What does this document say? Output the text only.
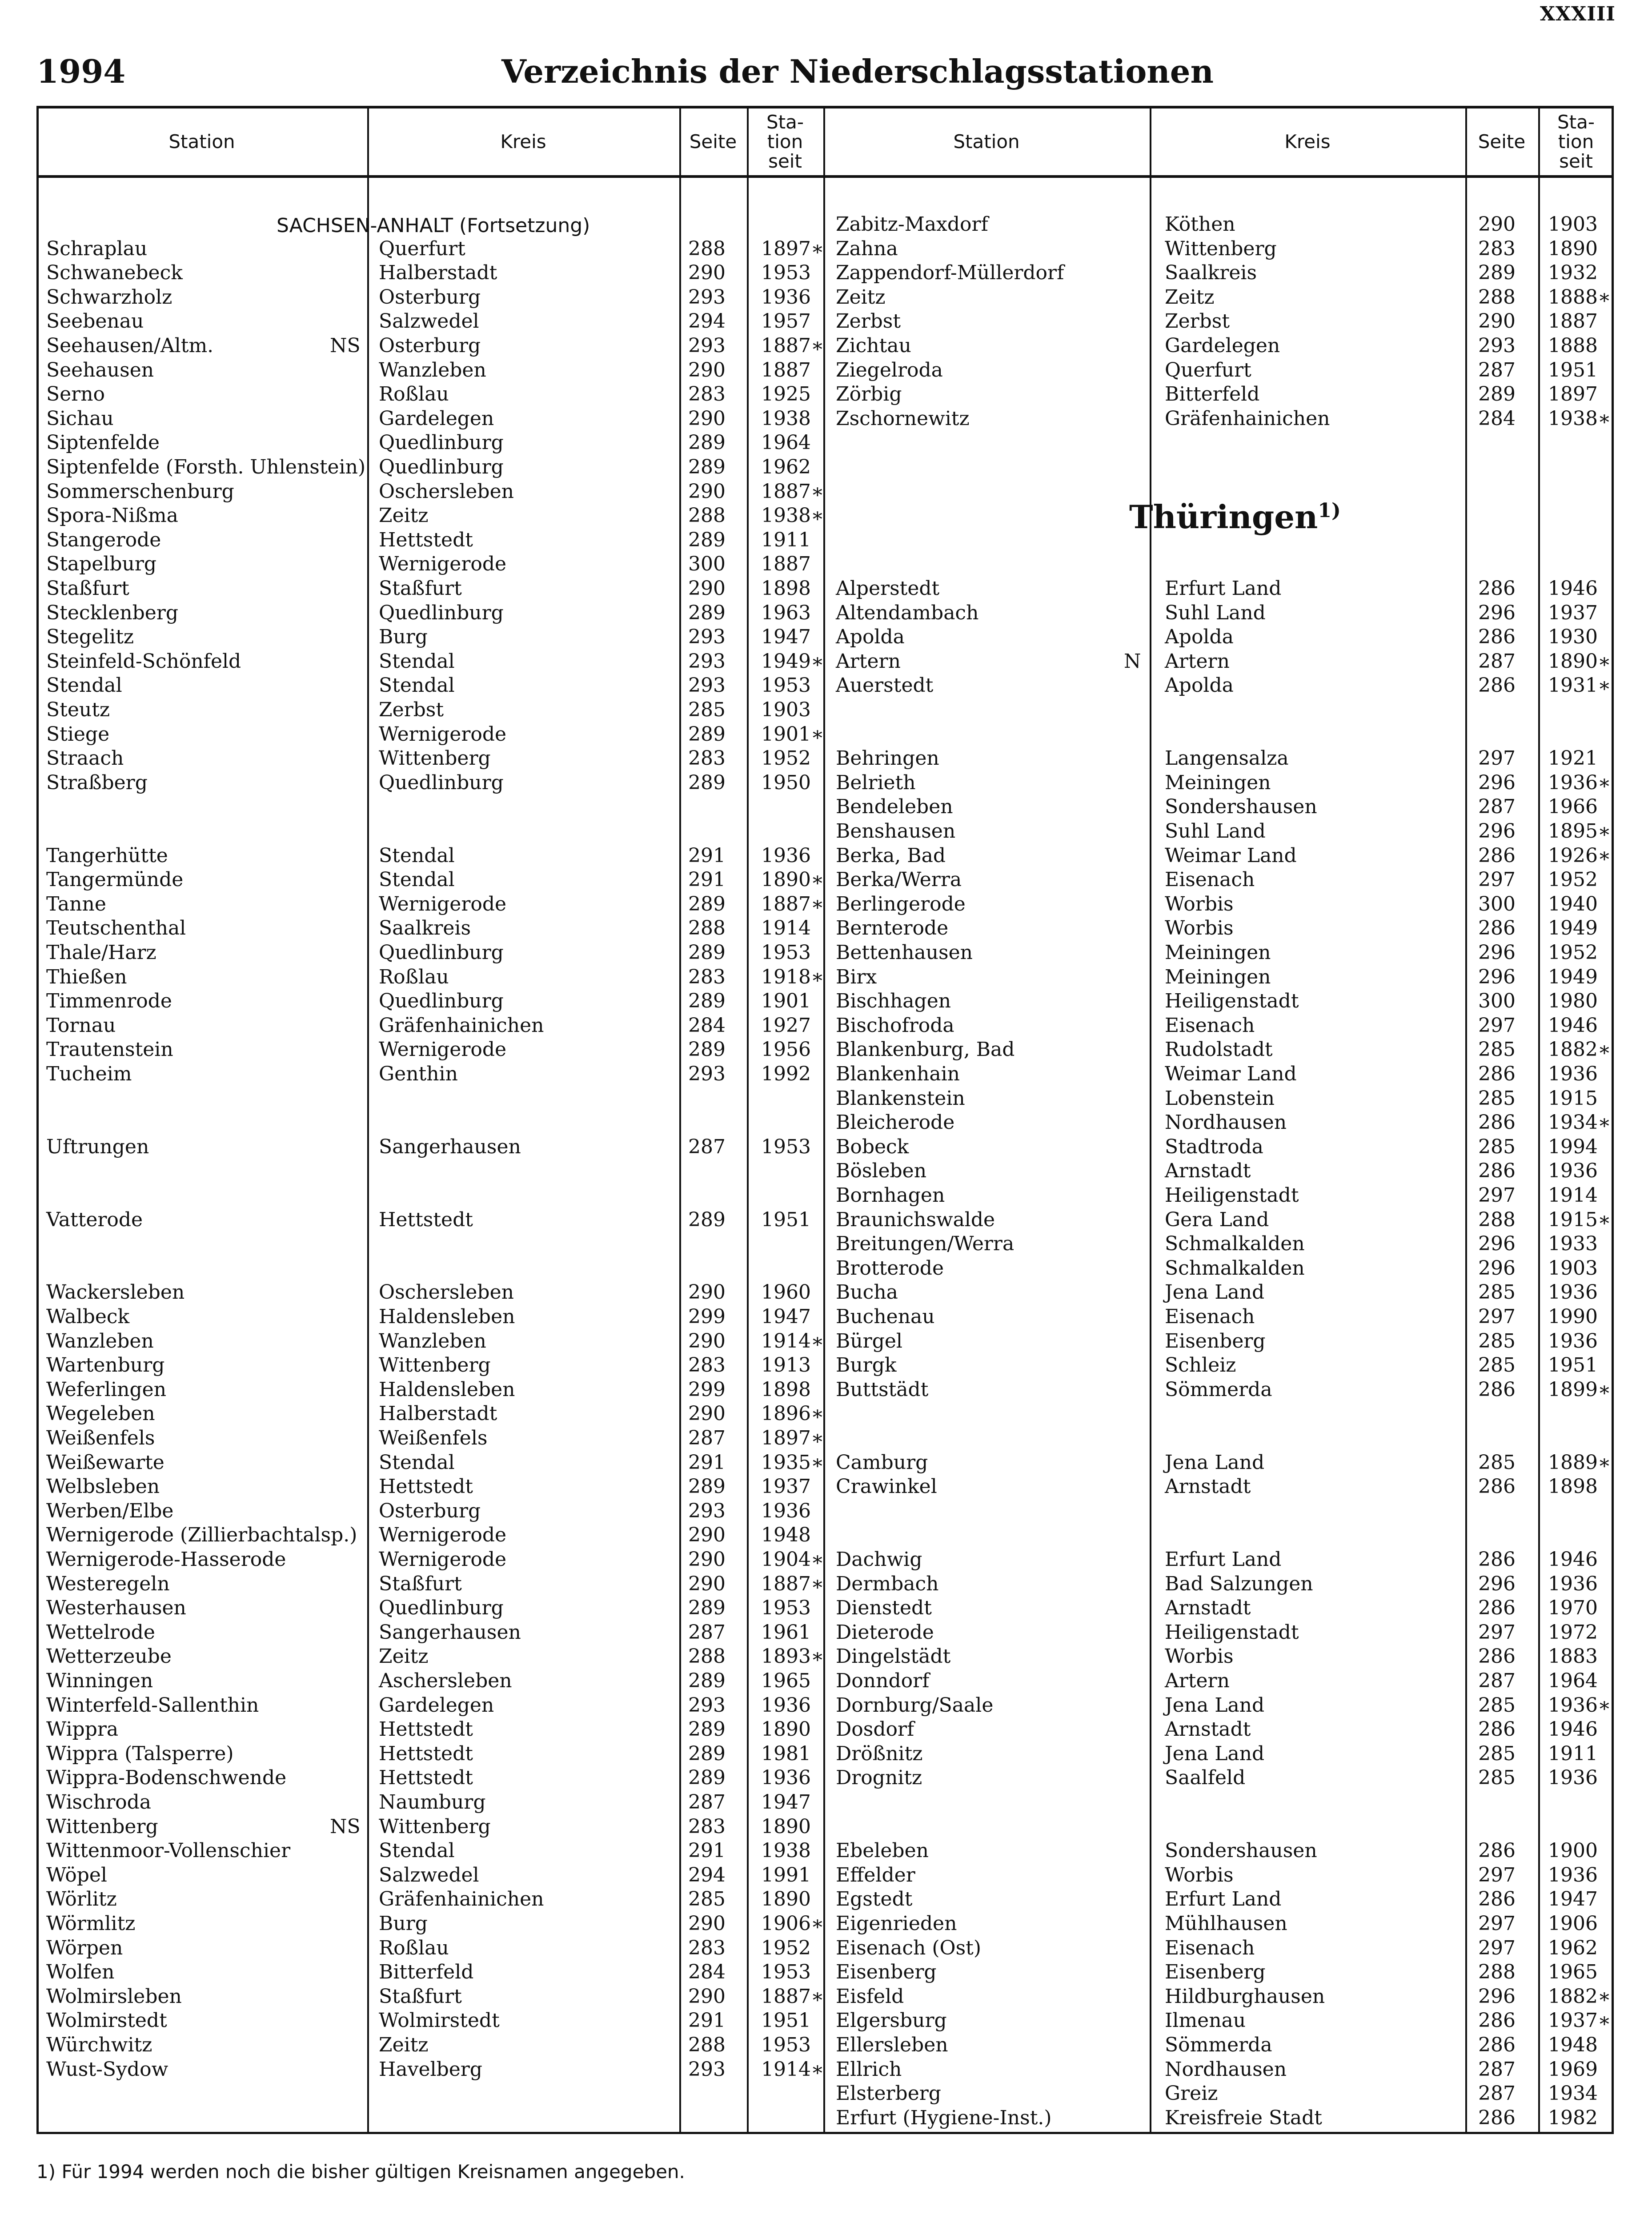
XXXIII
1994	Verzeichnis der Niederschlagsstationen
Station	Kreis	Seite
Sta-
tion
seit
Station	Kreis	Seite
Sta-
tion
seit
SACHSEN-ANHALT (Fortsetzung)
Thüringen$^{1)}$
Schraplau	Querfurt	288 1897∗
Schwanebeck	Halberstadt	290 1953
Schwarzholz	Osterburg	293 1936
Seebenau	Salzwedel	294 1957
Seehausen/Altm.	NS Osterburg	293 1887∗
Seehausen	Wanzleben	290 1887
Serno	Roßlau	283 1925
Sichau	Gardelegen	290 1938
Siptenfelde	Quedlinburg	289 1964
Siptenfelde (Forsth. Uhlenstein) Quedlinburg	289 1962
Sommerschenburg	Oschersleben	290 1887∗
Spora-Nißma	Zeitz	288 1938∗
Stangerode	Hettstedt	289 1911
Stapelburg	Wernigerode	300 1887
Staßfurt	Staßfurt	290 1898
Stecklenberg	Quedlinburg	289 1963
Stegelitz	Burg	293 1947
Steinfeld-Schönfeld	Stendal	293 1949∗
Stendal	Stendal	293 1953
Steutz	Zerbst	285 1903
Stiege	Wernigerode	289 1901∗
Straach	Wittenberg	283 1952
Straßberg	Quedlinburg	289 1950
Tangerhütte	Stendal	291 1936
Tangermünde	Stendal	291 1890∗
Tanne	Wernigerode	289 1887∗
Teutschenthal	Saalkreis	288 1914
Thale/Harz	Quedlinburg	289 1953
Thießen	Roßlau	283 1918∗
Timmenrode	Quedlinburg	289 1901
Tornau	Gräfenhainichen	284 1927
Trautenstein	Wernigerode	289 1956
Tucheim	Genthin	293 1992
Uftrungen	Sangerhausen	287 1953
Vatterode	Hettstedt	289 1951
Wackersleben	Oschersleben	290 1960
Walbeck	Haldensleben	299 1947
Wanzleben	Wanzleben	290 1914∗
Wartenburg	Wittenberg	283 1913
Weferlingen	Haldensleben	299 1898
Wegeleben	Halberstadt	290 1896∗
Weißenfels	Weißenfels	287 1897∗
Weißewarte	Stendal	291 1935∗
Welbsleben	Hettstedt	289 1937
Werben/Elbe	Osterburg	293 1936
Wernigerode (Zillierbachtalsp.) Wernigerode	290 1948
Wernigerode-Hasserode	Wernigerode	290 1904∗
Westeregeln	Staßfurt	290 1887∗
Westerhausen	Quedlinburg	289 1953
Wettelrode	Sangerhausen	287 1961
Wetterzeube	Zeitz	288 1893∗
Winningen	Aschersleben	289 1965
Winterfeld-Sallenthin	Gardelegen	293 1936
Wippra	Hettstedt	289 1890
Wippra (Talsperre)	Hettstedt	289 1981
Wippra-Bodenschwende	Hettstedt	289 1936
Wischroda	Naumburg	287 1947
Wittenberg	NS Wittenberg	283 1890
Wittenmoor-Vollenschier	Stendal	291 1938
Wöpel	Salzwedel	294 1991
Wörlitz	Gräfenhainichen	285 1890
Wörmlitz	Burg	290 1906∗
Wörpen	Roßlau	283 1952
Wolfen	Bitterfeld	284 1953
Wolmirsleben	Staßfurt	290 1887∗
Wolmirstedt	Wolmirstedt	291 1951
Würchwitz	Zeitz	288 1953
Wust-Sydow	Havelberg	293 1914∗
Zabitz-Maxdorf	Köthen	290 1903
Zahna	Wittenberg	283 1890
Zappendorf-Müllerdorf	Saalkreis	289 1932
Zeitz	Zeitz	288 1888∗
Zerbst	Zerbst	290 1887
Zichtau	Gardelegen	293 1888
Ziegelroda	Querfurt	287 1951
Zörbig	Bitterfeld	289 1897
Zschornewitz	Gräfenhainichen	284 1938∗
Alperstedt	Erfurt Land	286 1946
Altendambach	Suhl Land	296 1937
Apolda	Apolda	286 1930
Artern	N Artern	287 1890∗
Auerstedt	Apolda	286 1931∗
Behringen	Langensalza	297 1921
Belrieth	Meiningen	296 1936∗
Bendeleben	Sondershausen	287 1966
Benshausen	Suhl Land	296 1895∗
Berka, Bad	Weimar Land	286 1926∗
Berka/Werra	Eisenach	297 1952
Berlingerode	Worbis	300 1940
Bernterode	Worbis	286 1949
Bettenhausen	Meiningen	296 1952
Birx	Meiningen	296 1949
Bischhagen	Heiligenstadt	300 1980
Bischofroda	Eisenach	297 1946
Blankenburg, Bad	Rudolstadt	285 1882∗
Blankenhain	Weimar Land	286 1936
Blankenstein	Lobenstein	285 1915
Bleicherode	Nordhausen	286 1934∗
Bobeck	Stadtroda	285 1994
Bösleben	Arnstadt	286 1936
Bornhagen	Heiligenstadt	297 1914
Braunichswalde	Gera Land	288 1915∗
Breitungen/Werra	Schmalkalden	296 1933
Brotterode	Schmalkalden	296 1903
Bucha	Jena Land	285 1936
Buchenau	Eisenach	297 1990
Bürgel	Eisenberg	285 1936
Burgk	Schleiz	285 1951
Buttstädt	Sömmerda	286 1899∗
Camburg	Jena Land	285 1889∗
Crawinkel	Arnstadt	286 1898
Dachwig	Erfurt Land	286 1946
Dermbach	Bad Salzungen	296 1936
Dienstedt	Arnstadt	286 1970
Dieterode	Heiligenstadt	297 1972
Dingelstädt	Worbis	286 1883
Donndorf	Artern	287 1964
Dornburg/Saale	Jena Land	285 1936∗
Dosdorf	Arnstadt	286 1946
Drößnitz	Jena Land	285 1911
Drognitz	Saalfeld	285 1936
Ebeleben	Sondershausen	286 1900
Effelder	Worbis	297 1936
Egstedt	Erfurt Land	286 1947
Eigenrieden	Mühlhausen	297 1906
Eisenach (Ost)	Eisenach	297 1962
Eisenberg	Eisenberg	288 1965
Eisfeld	Hildburghausen	296 1882∗
Elgersburg	Ilmenau	286 1937∗
Ellersleben	Sömmerda	286 1948
Ellrich	Nordhausen	287 1969
Elsterberg	Greiz	287 1934
Erfurt (Hygiene-Inst.)	Kreisfreie Stadt	286 1982
1) Für 1994 werden noch die bisher gültigen Kreisnamen angegeben.
